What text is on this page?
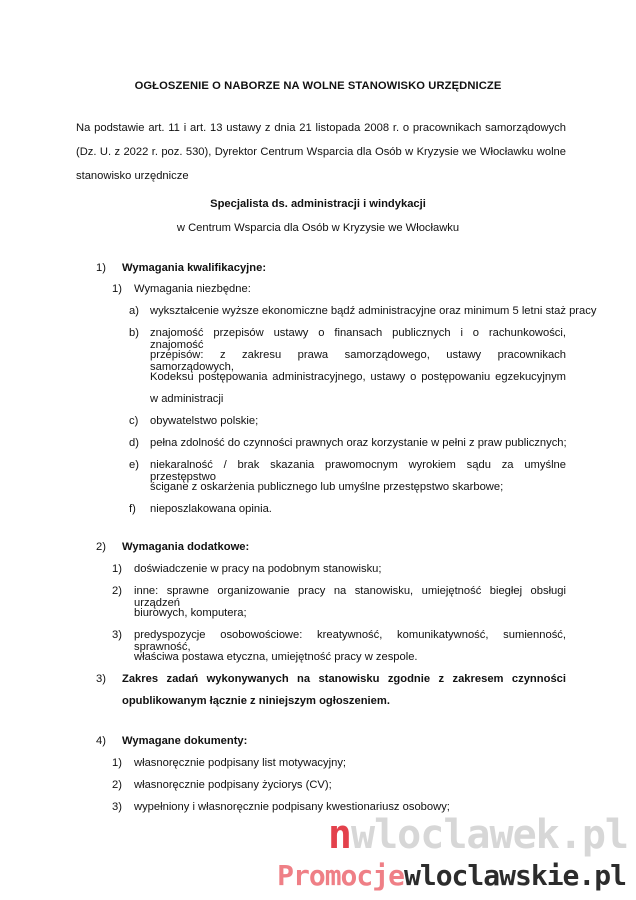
OGŁOSZENIE O NABORZE NA WOLNE STANOWISKO URZĘDNICZE
Na podstawie art. 11 i art. 13 ustawy z dnia 21 listopada 2008 r. o pracownikach samorządowych (Dz. U. z 2022 r. poz. 530), Dyrektor Centrum Wsparcia dla Osób w Kryzysie we Włocławku wolne stanowisko urzędnicze
Specjalista ds. administracji i windykacji
w Centrum Wsparcia dla Osób w Kryzysie we Włocławku
1) Wymagania kwalifikacyjne:
1) Wymagania niezbędne:
a) wykształcenie wyższe ekonomiczne bądź administracyjne oraz minimum 5 letni staż pracy
b) znajomość przepisów ustawy o finansach publicznych i o rachunkowości, znajomość
przepisów: z zakresu prawa samorządowego, ustawy pracownikach samorządowych,
Kodeksu postępowania administracyjnego, ustawy o postępowaniu egzekucyjnym
w administracji
c) obywatelstwo polskie;
d) pełna zdolność do czynności prawnych oraz korzystanie w pełni z praw publicznych;
e) niekaralność / brak skazania prawomocnym wyrokiem sądu za umyślne przestępstwo
ścigane z oskarżenia publicznego lub umyślne przestępstwo skarbowe;
f) nieposzlakowana opinia.
2) Wymagania dodatkowe:
1) doświadczenie w pracy na podobnym stanowisku;
2) inne: sprawne organizowanie pracy na stanowisku, umiejętność biegłej obsługi urządzeń
biurowych, komputera;
3) predyspozycje osobowościowe: kreatywność, komunikatywność, sumienność, sprawność,
właściwa postawa etyczna, umiejętność pracy w zespole.
3) Zakres zadań wykonywanych na stanowisku zgodnie z zakresem czynności
opublikowanym łącznie z niniejszym ogłoszeniem.
4) Wymagane dokumenty:
1) własnoręcznie podpisany list motywacyjny;
2) własnoręcznie podpisany życiorys (CV);
3) wypełniony i własnoręcznie podpisany kwestionariusz osobowy;
nwloclawek.pl
Promocjewloclawskie.pl
